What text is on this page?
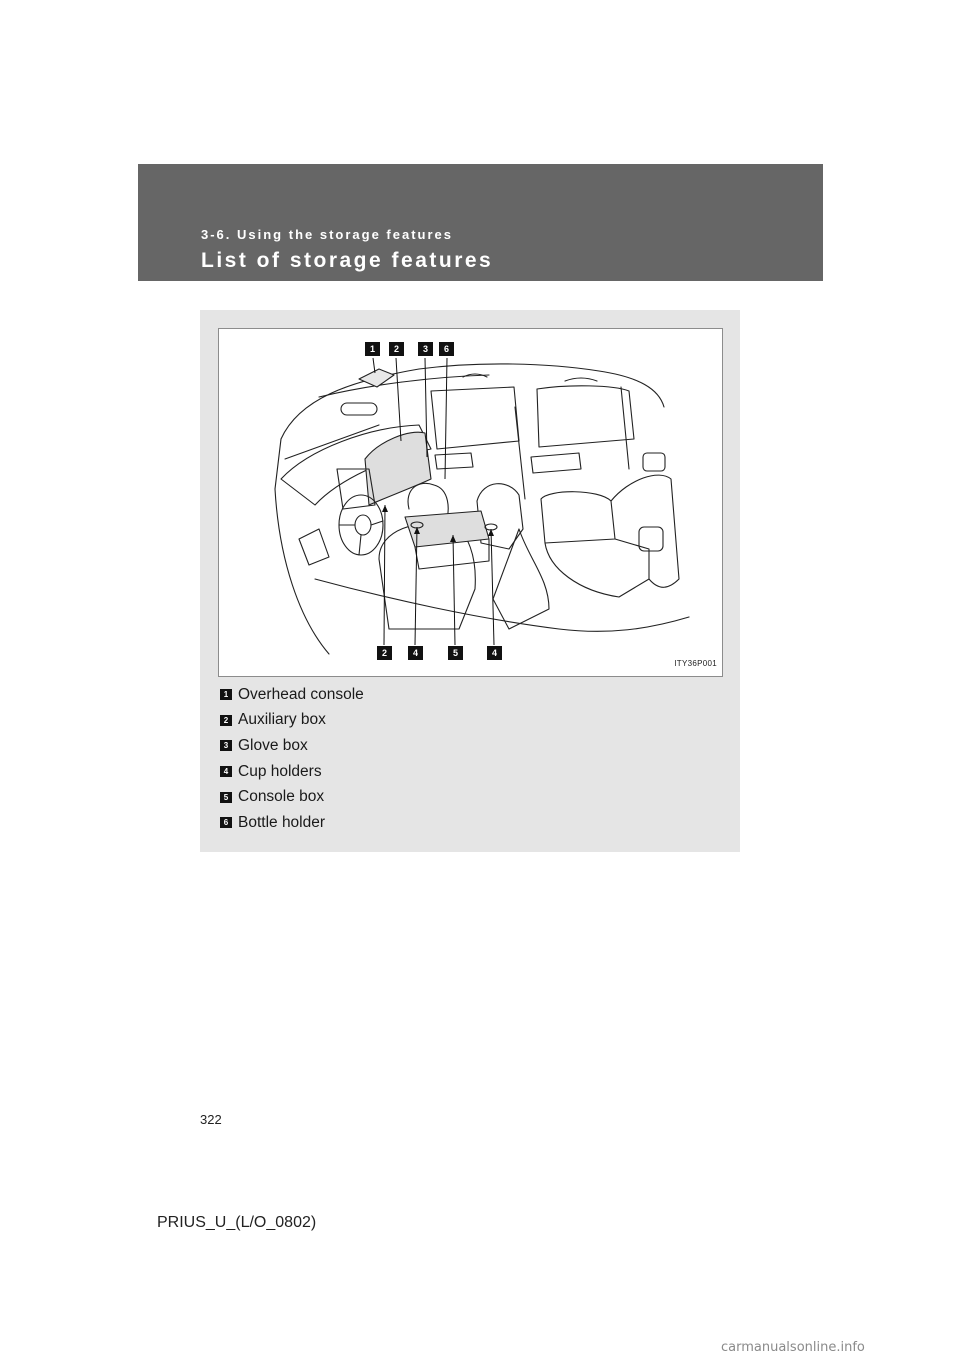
3-6. Using the storage features
List of storage features
1	2	3	6
2	4	5	4
ITY36P001
1 Overhead console
2 Auxiliary box
3 Glove box
4 Cup holders
5 Console box
6 Bottle holder
322
PRIUS_U_(L/O_0802)
carmanualsonline.info
